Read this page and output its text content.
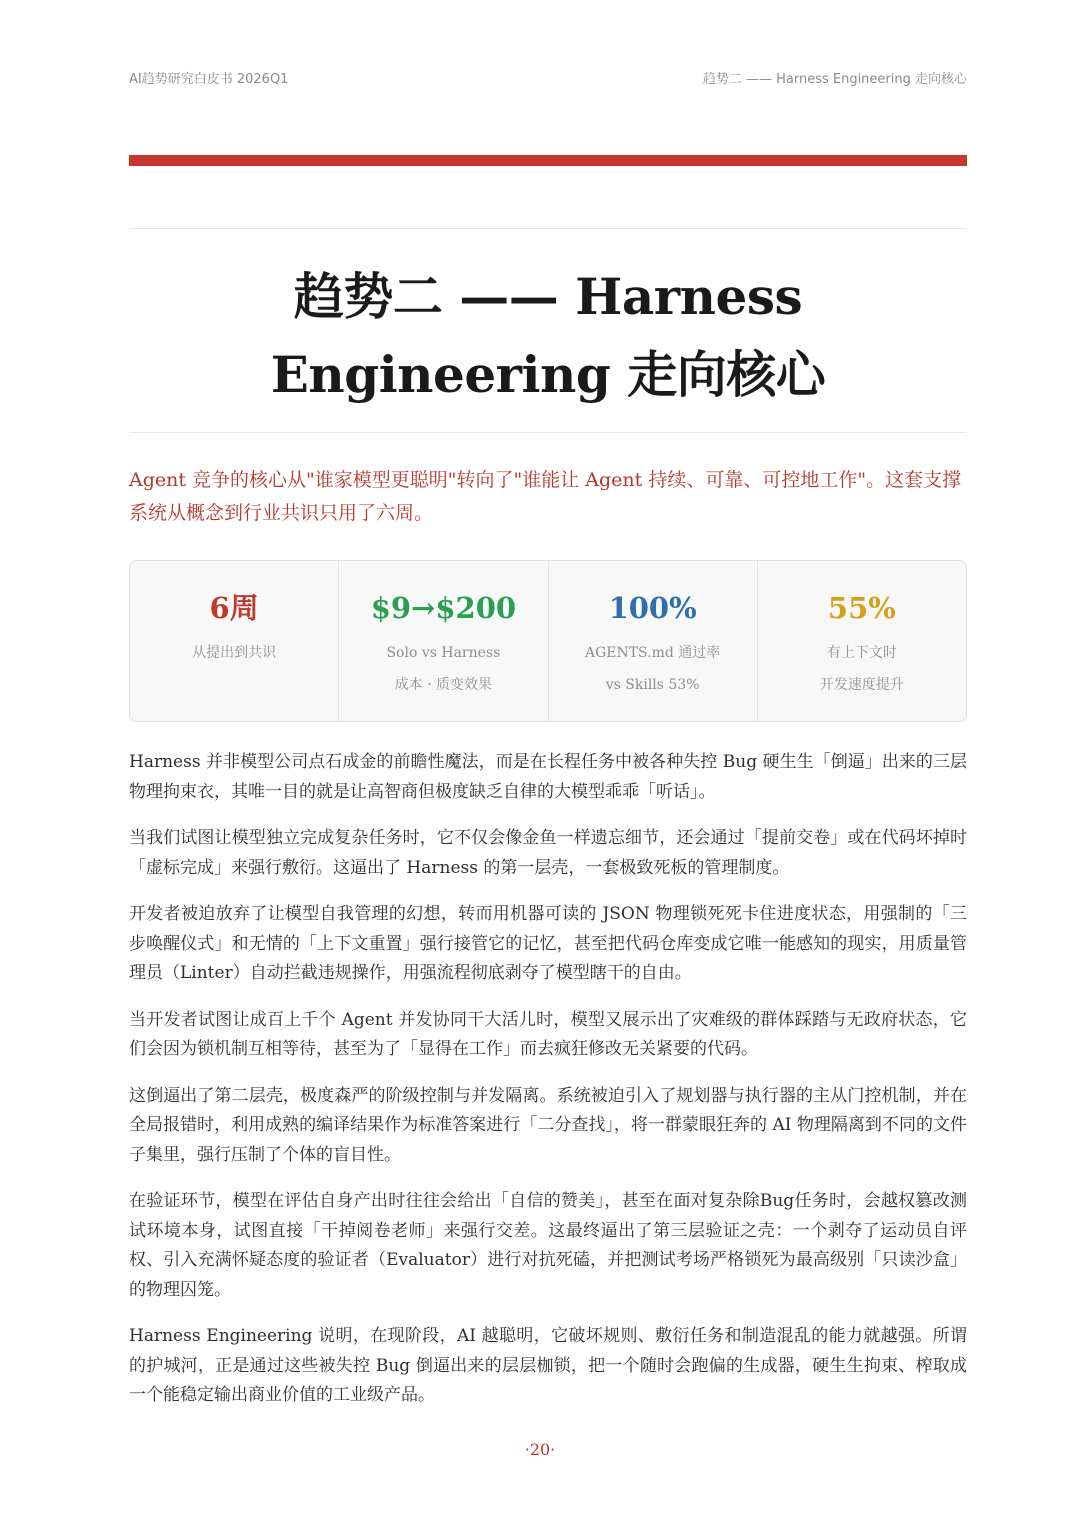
AI趋势研究白皮书 2026Q1	趋势二 —— Harness Engineering 走向核心
趋势二 —— Harness Engineering 走向核心

Agent 竞争的核心从"谁家模型更聪明"转向了"谁能让 Agent 持续、可靠、可控地工作"。这套支撑系统从概念到行业共识只用了六周。

6周
从提出到共识
$9→$200
Solo vs Harness
成本 · 质变效果
100%
AGENTS.md 通过率
vs Skills 53%
55%
有上下文时
开发速度提升

Harness 并非模型公司点石成金的前瞻性魔法，而是在长程任务中被各种失控 Bug 硬生生「倒逼」出来的三层物理拘束衣，其唯一目的就是让高智商但极度缺乏自律的大模型乖乖「听话」。

当我们试图让模型独立完成复杂任务时，它不仅会像金鱼一样遗忘细节，还会通过「提前交卷」或在代码坏掉时「虚标完成」来强行敷衍。这逼出了 Harness 的第一层壳，一套极致死板的管理制度。

开发者被迫放弃了让模型自我管理的幻想，转而用机器可读的 JSON 物理锁死死卡住进度状态，用强制的「三步唤醒仪式」和无情的「上下文重置」强行接管它的记忆，甚至把代码仓库变成它唯一能感知的现实，用质量管理员（Linter）自动拦截违规操作，用强流程彻底剥夺了模型瞎干的自由。

当开发者试图让成百上千个 Agent 并发协同干大活儿时，模型又展示出了灾难级的群体踩踏与无政府状态，它们会因为锁机制互相等待，甚至为了「显得在工作」而去疯狂修改无关紧要的代码。

这倒逼出了第二层壳，极度森严的阶级控制与并发隔离。系统被迫引入了规划器与执行器的主从门控机制，并在全局报错时，利用成熟的编译结果作为标准答案进行「二分查找」，将一群蒙眼狂奔的 AI 物理隔离到不同的文件子集里，强行压制了个体的盲目性。

在验证环节，模型在评估自身产出时往往会给出「自信的赞美」，甚至在面对复杂除Bug任务时，会越权篡改测试环境本身，试图直接「干掉阅卷老师」来强行交差。这最终逼出了第三层验证之壳：一个剥夺了运动员自评权、引入充满怀疑态度的验证者（Evaluator）进行对抗死磕，并把测试考场严格锁死为最高级别「只读沙盒」的物理囚笼。

Harness Engineering 说明，在现阶段，AI 越聪明，它破坏规则、敷衍任务和制造混乱的能力就越强。所谓的护城河，正是通过这些被失控 Bug 倒逼出来的层层枷锁，把一个随时会跑偏的生成器，硬生生拘束、榨取成一个能稳定输出商业价值的工业级产品。

·20·
